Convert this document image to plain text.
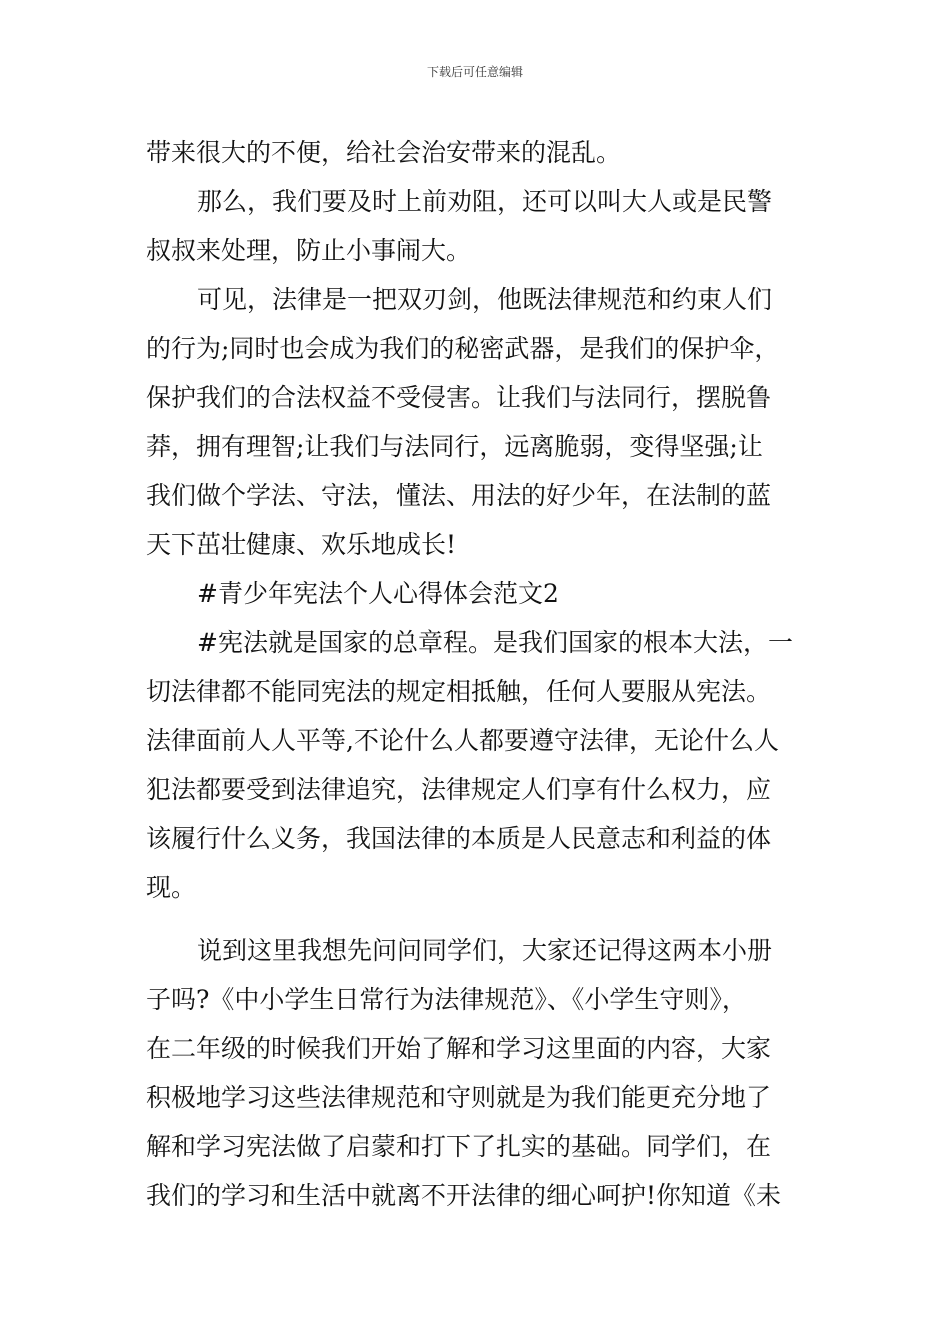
下载后可任意编辑
带来很大的不便，给社会治安带来的混乱。
那么，我们要及时上前劝阻，还可以叫大人或是民警
叔叔来处理，防止小事闹大。
可见，法律是一把双刃剑，他既法律规范和约束人们
的行为;同时也会成为我们的秘密武器，是我们的保护伞，
保护我们的合法权益不受侵害。让我们与法同行，摆脱鲁
莽，拥有理智;让我们与法同行，远离脆弱，变得坚强;让
我们做个学法、守法，懂法、用法的好少年，在法制的蓝
天下茁壮健康、欢乐地成长!
#青少年宪法个人心得体会范文2
#宪法就是国家的总章程。是我们国家的根本大法，一
切法律都不能同宪法的规定相抵触，任何人要服从宪法。
法律面前人人平等,不论什么人都要遵守法律，无论什么人
犯法都要受到法律追究，法律规定人们享有什么权力，应
该履行什么义务，我国法律的本质是人民意志和利益的体
现。
说到这里我想先问问同学们，大家还记得这两本小册
子吗?《中小学生日常行为法律规范》、《小学生守则》，
在二年级的时候我们开始了解和学习这里面的内容，大家
积极地学习这些法律规范和守则就是为我们能更充分地了
解和学习宪法做了启蒙和打下了扎实的基础。同学们，在
我们的学习和生活中就离不开法律的细心呵护!你知道《未
